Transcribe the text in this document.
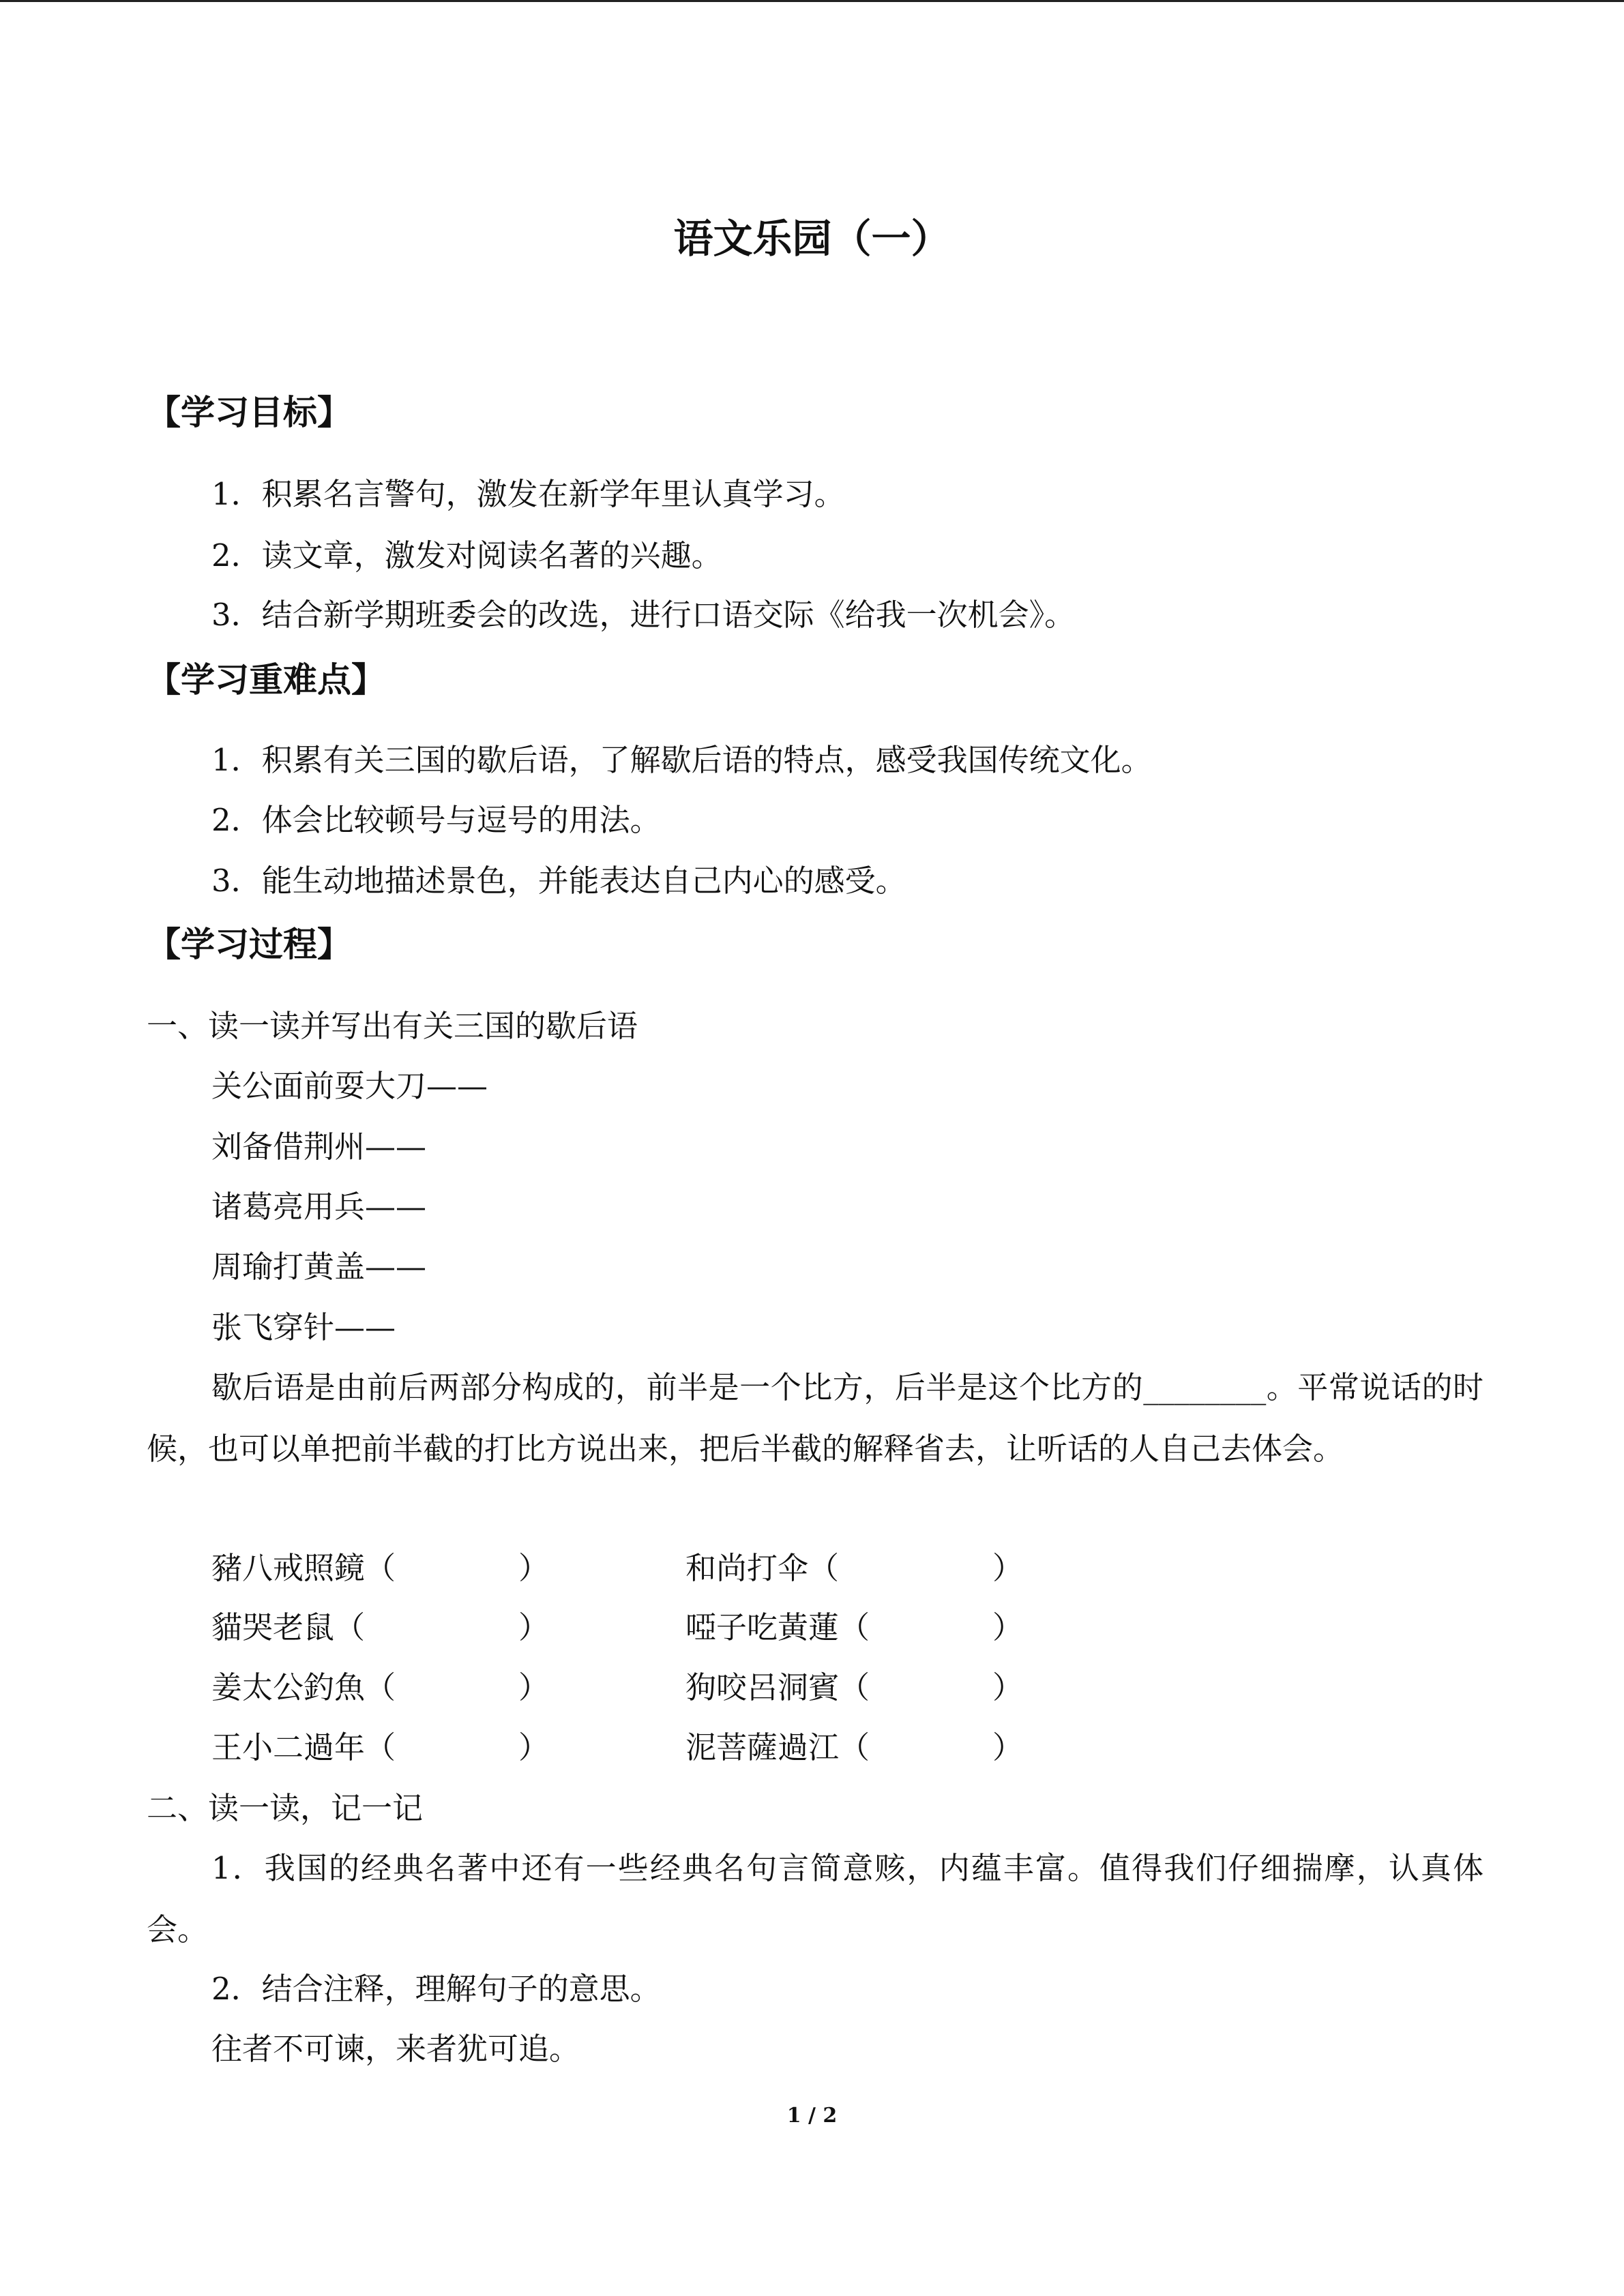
语文乐园（一）
【学习目标】
1．积累名言警句，激发在新学年里认真学习。
2．读文章，激发对阅读名著的兴趣。
3．结合新学期班委会的改选，进行口语交际《给我一次机会》。
【学习重难点】
1．积累有关三国的歇后语，了解歇后语的特点，感受我国传统文化。
2．体会比较顿号与逗号的用法。
3．能生动地描述景色，并能表达自己内心的感受。
【学习过程】
一、读一读并写出有关三国的歇后语
关公面前耍大刀——
刘备借荆州——
诸葛亮用兵——
周瑜打黄盖——
张飞穿针——
歇后语是由前后两部分构成的，前半是一个比方，后半是这个比方的________。平常说话的时候，也可以单把前半截的打比方说出来，把后半截的解释省去，让听话的人自己去体会。
豬八戒照鏡（　　　　）	和尚打伞（　　　　　）
貓哭老鼠（　　　　　）	啞子吃黃蓮（　　　　）
姜太公釣魚（　　　　）	狗咬呂洞賓（　　　　）
王小二過年（　　　　）	泥菩薩過江（　　　　）
二、读一读，记一记
1．我国的经典名著中还有一些经典名句言简意赅，内蕴丰富。值得我们仔细揣摩，认真体会。
2．结合注释，理解句子的意思。
往者不可谏，来者犹可追。
1 / 2
